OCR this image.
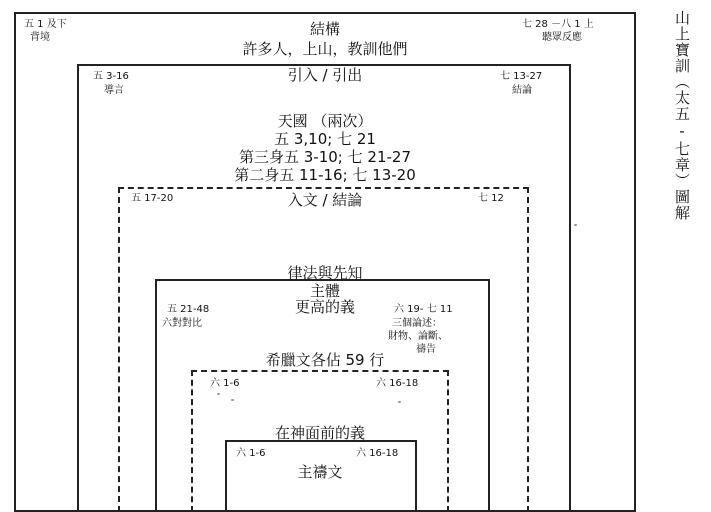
山上寶訓（太五-七章）圖解
五 1 及下
背境	結構
許多人，上山，教訓他們
七 28 －八 1 上
聽眾反應
五 3-16
導言
引入 / 引出	七 13-27
結論
天國 （兩次）
五 3,10; 七 21
第三身五 3-10; 七 21-27
第二身五 11-16; 七 13-20
五 17-20	入文 / 結論	七 12
律法與先知
主體
更高的義
五 21-48
六對對比
六 19- 七 11
三個論述：
財物、論斷、
禱告
希臘文各佔 59 行
六 1-6	六 16-18
在神面前的義
六 1-6	六 16-18
主禱文
